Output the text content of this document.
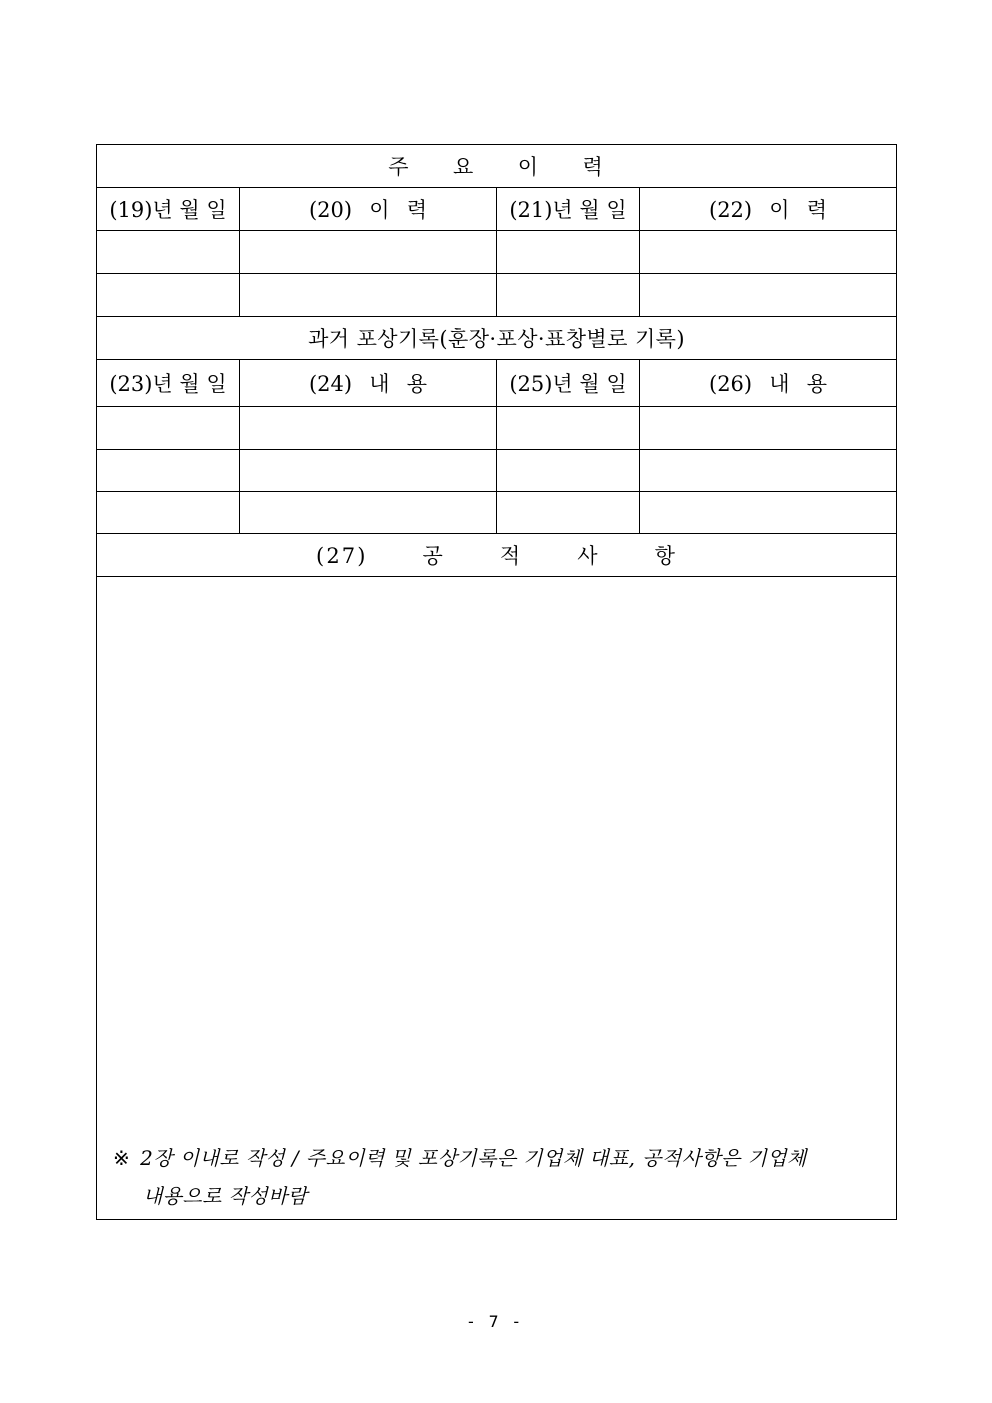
주 요 이 력			
(19)년 월 일	(20) 이 력	(21)년 월 일	(22) 이 력

과거 포상기록(훈장·포상·표창별로 기록)			
(23)년 월 일	(24) 내 용	(25)년 월 일	(26) 내 용

(27) 공 적 사 항			

※ 2장 이내로 작성 / 주요이력 및 포상기록은 기업체 대표, 공적사항은 기업체
내용으로 작성바람			
- 7 -
